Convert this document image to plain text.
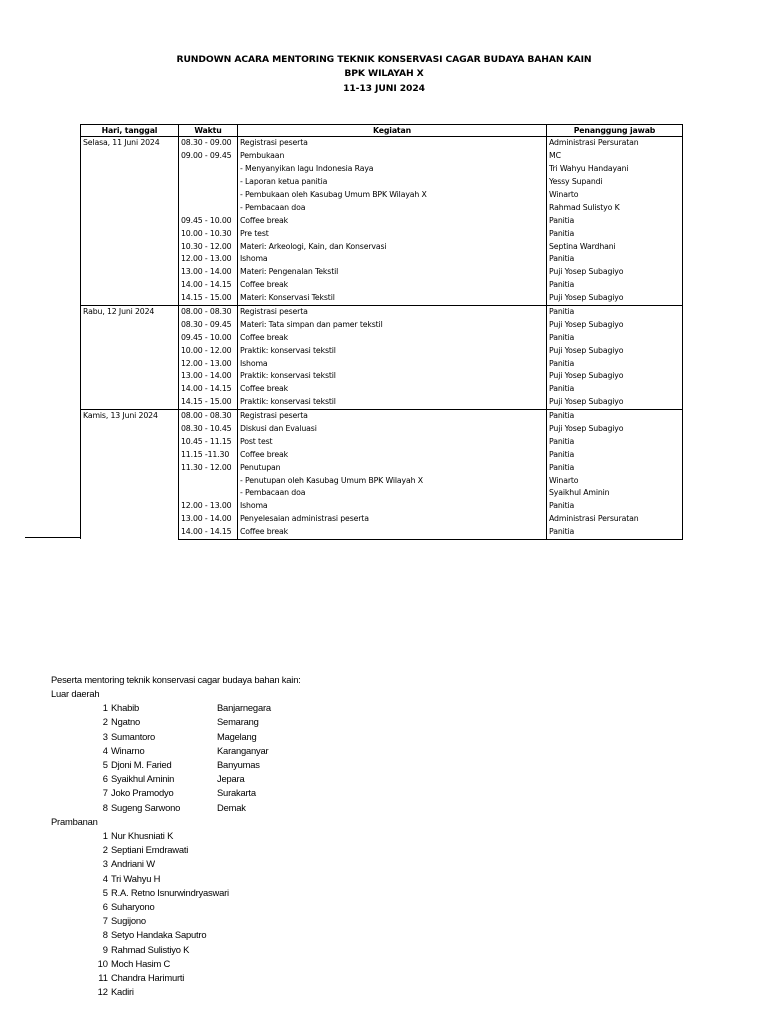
RUNDOWN ACARA MENTORING TEKNIK KONSERVASI CAGAR BUDAYA BAHAN KAIN
BPK WILAYAH X
11-13 JUNI 2024
Hari, tanggal	Waktu	Kegiatan	Penanggung jawab
Selasa, 11 Juni 2024	08.30 - 09.00	Registrasi peserta	Administrasi Persuratan
	09.00 - 09.45	Pembukaan	MC
		- Menyanyikan lagu Indonesia Raya	Tri Wahyu Handayani
		- Laporan ketua panitia	Yessy Supandi
		- Pembukaan oleh Kasubag Umum BPK Wilayah X	Winarto
		- Pembacaan doa	Rahmad Sulistyo K
	09.45 - 10.00	Coffee break	Panitia
	10.00 - 10.30	Pre test	Panitia
	10.30 - 12.00	Materi: Arkeologi, Kain, dan Konservasi	Septina Wardhani
	12.00 - 13.00	Ishoma	Panitia
	13.00 - 14.00	Materi: Pengenalan Tekstil	Puji Yosep Subagiyo
	14.00 - 14.15	Coffee break	Panitia
	14.15 - 15.00	Materi: Konservasi Tekstil	Puji Yosep Subagiyo
Rabu, 12 Juni 2024	08.00 - 08.30	Registrasi peserta	Panitia
	08.30 - 09.45	Materi: Tata simpan dan pamer tekstil	Puji Yosep Subagiyo
	09.45 - 10.00	Coffee break	Panitia
	10.00 - 12.00	Praktik: konservasi tekstil	Puji Yosep Subagiyo
	12.00 - 13.00	Ishoma	Panitia
	13.00 - 14.00	Praktik: konservasi tekstil	Puji Yosep Subagiyo
	14.00 - 14.15	Coffee break	Panitia
	14.15 - 15.00	Praktik: konservasi tekstil	Puji Yosep Subagiyo
Kamis, 13 Juni 2024	08.00 - 08.30	Registrasi peserta	Panitia
	08.30 - 10.45	Diskusi dan Evaluasi	Puji Yosep Subagiyo
	10.45 - 11.15	Post test	Panitia
	11.15 -11.30	Coffee break	Panitia
	11.30 - 12.00	Penutupan	Panitia
		- Penutupan oleh Kasubag Umum BPK Wilayah X	Winarto
		- Pembacaan doa	Syaikhul Aminin
	12.00 - 13.00	Ishoma	Panitia
	13.00 - 14.00	Penyelesaian administrasi peserta	Administrasi Persuratan
	14.00 - 14.15	Coffee break	Panitia
Peserta mentoring teknik konservasi cagar budaya bahan kain:
Luar daerah
1 Khabib	Banjarnegara
2 Ngatno	Semarang
3 Sumantoro	Magelang
4 Winarno	Karanganyar
5 Djoni M. Faried	Banyumas
6 Syaikhul Aminin	Jepara
7 Joko Pramodyo	Surakarta
8 Sugeng Sarwono	Demak
Prambanan
1 Nur Khusniati K
2 Septiani Emdrawati
3 Andriani W
4 Tri Wahyu H
5 R.A. Retno Isnurwindryaswari
6 Suharyono
7 Sugijono
8 Setyo Handaka Saputro
9 Rahmad Sulistiyo K
10 Moch Hasim C
11 Chandra Harimurti
12 Kadiri
